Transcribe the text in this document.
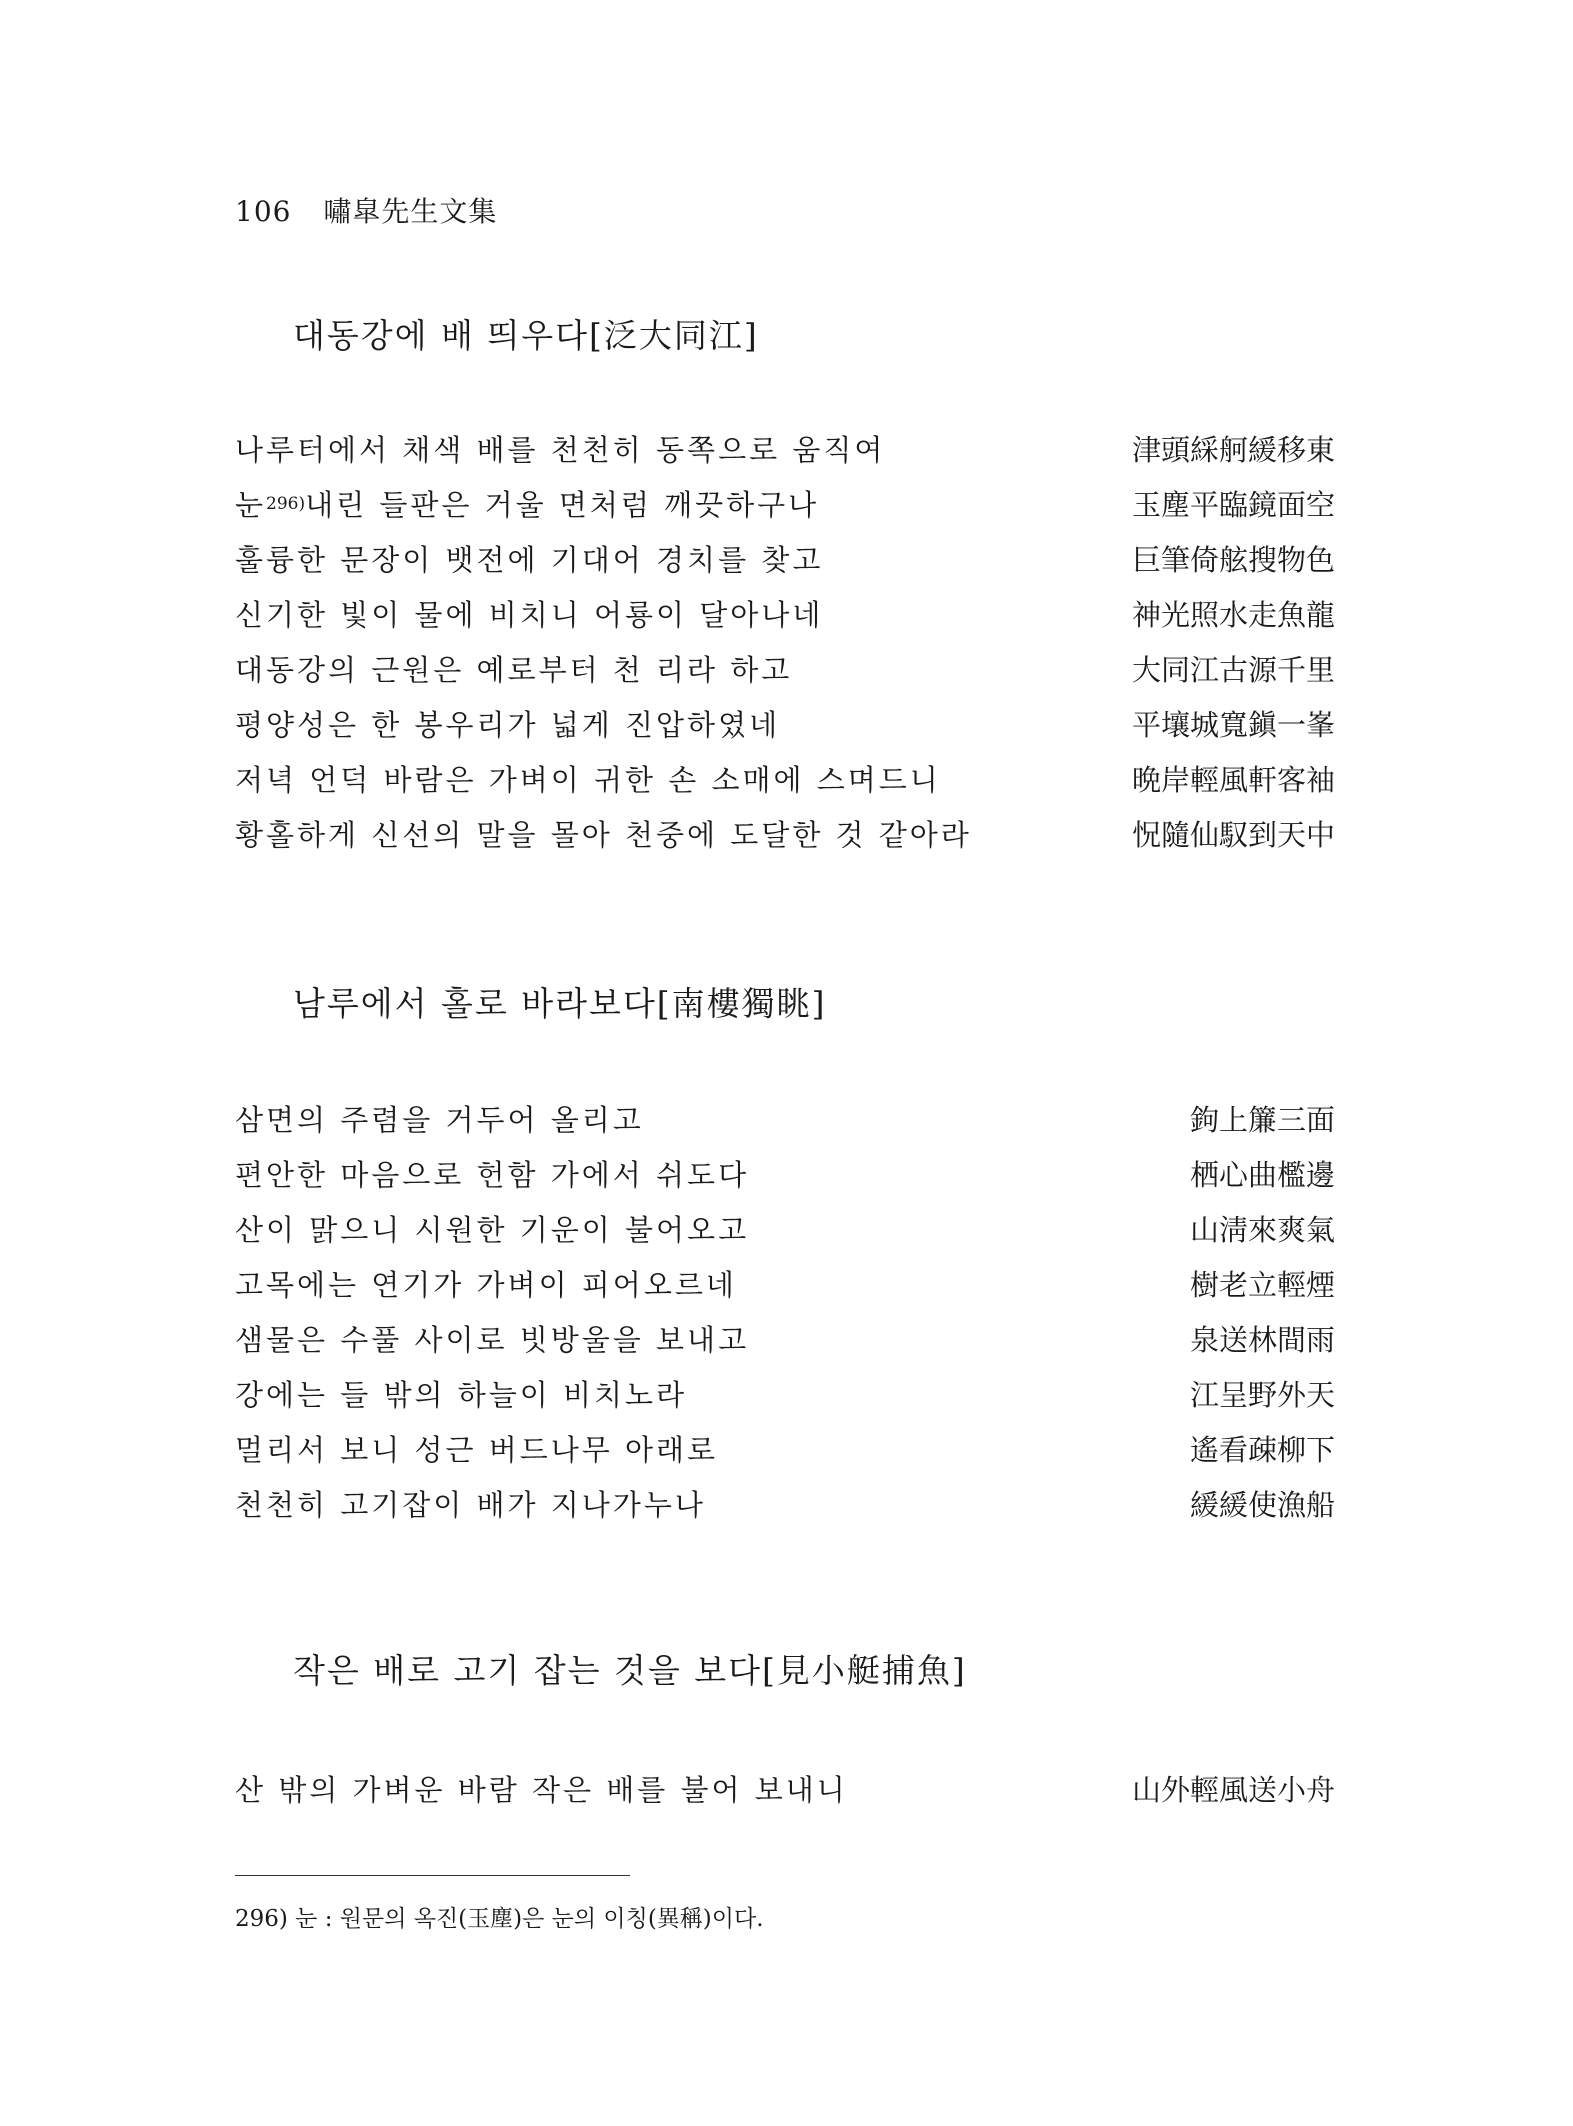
106 嘯皐先生文集
대동강에 배 띄우다[泛大同江]
나루터에서 채색 배를 천천히 동쪽으로 움직여	津頭綵舸緩移東
눈$^{296)}$내린 들판은 거울 면처럼 깨끗하구나	玉塵平臨鏡面空
훌륭한 문장이 뱃전에 기대어 경치를 찾고	巨筆倚舷搜物色
신기한 빛이 물에 비치니 어룡이 달아나네	神光照水走魚龍
대동강의 근원은 예로부터 천 리라 하고	大同江古源千里
평양성은 한 봉우리가 넓게 진압하였네	平壤城寬鎭一峯
저녁 언덕 바람은 가벼이 귀한 손 소매에 스며드니	晩岸輕風軒客袖
황홀하게 신선의 말을 몰아 천중에 도달한 것 같아라	怳隨仙馭到天中
남루에서 홀로 바라보다[南樓獨眺]
삼면의 주렴을 거두어 올리고	鉤上簾三面
편안한 마음으로 헌함 가에서 쉬도다	栖心曲檻邊
산이 맑으니 시원한 기운이 불어오고	山淸來爽氣
고목에는 연기가 가벼이 피어오르네	樹老立輕煙
샘물은 수풀 사이로 빗방울을 보내고	泉送林間雨
강에는 들 밖의 하늘이 비치노라	江呈野外天
멀리서 보니 성근 버드나무 아래로	遙看疎柳下
천천히 고기잡이 배가 지나가누나	緩緩使漁船
작은 배로 고기 잡는 것을 보다[見小艇捕魚]
산 밖의 가벼운 바람 작은 배를 불어 보내니	山外輕風送小舟
296) 눈 : 원문의 옥진(玉塵)은 눈의 이칭(異稱)이다.
